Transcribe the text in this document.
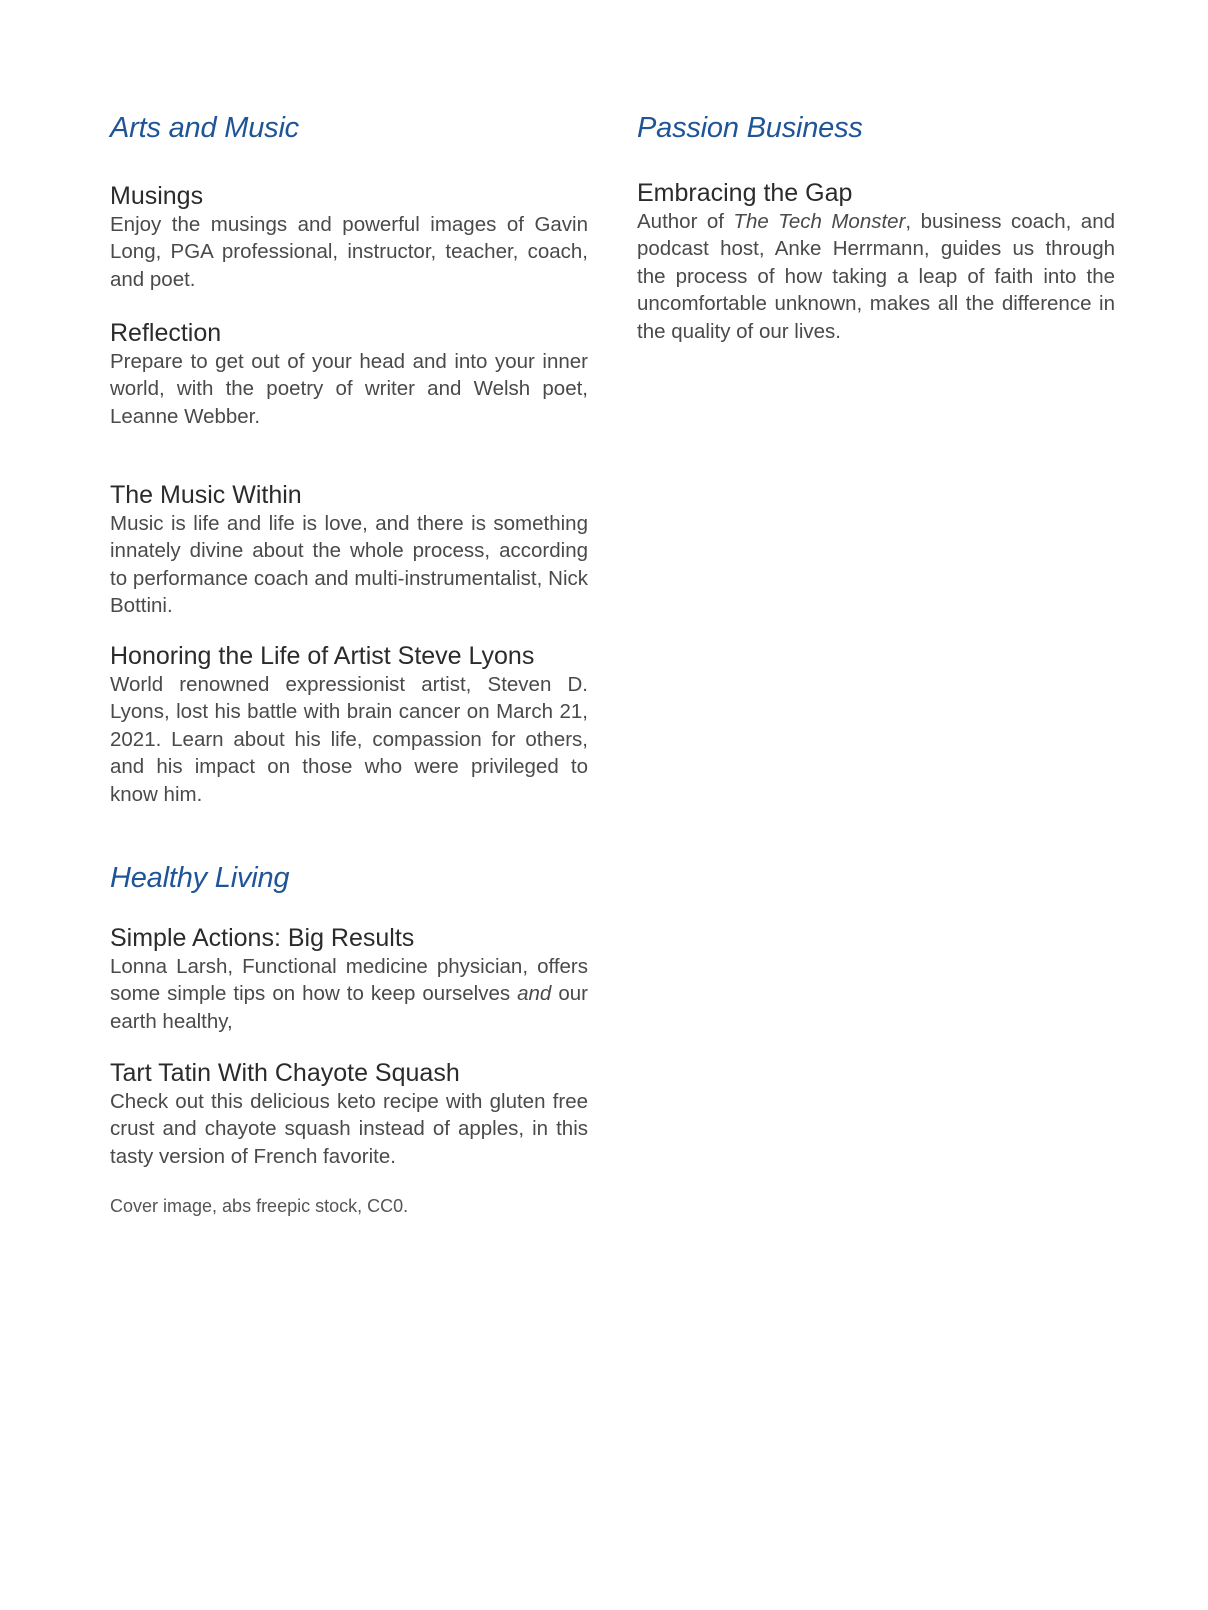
Arts and Music
Musings

Enjoy the musings and powerful images of Gavin Long, PGA professional, instructor, teacher, coach, and poet.

Reflection

Prepare to get out of your head and into your inner world, with the poetry of writer and Welsh poet, Leanne Webber.

The Music Within

Music is life and life is love, and there is something innately divine about the whole process, according to performance coach and multi-instrumentalist, Nick Bottini.

Honoring the Life of Artist Steve Lyons

World renowned expressionist artist, Steven D. Lyons, lost his battle with brain cancer on March 21, 2021. Learn about his life, compassion for others, and his impact on those who were privileged to know him.

Healthy Living
Simple Actions: Big Results

Lonna Larsh, Functional medicine physician, offers some simple tips on how to keep ourselves and our earth healthy,

Tart Tatin With Chayote Squash

Check out this delicious keto recipe with gluten free crust and chayote squash instead of apples, in this tasty version of French favorite.

Cover image, abs freepic stock, CC0.

Passion Business
Embracing the Gap

Author of The Tech Monster, business coach, and podcast host, Anke Herrmann, guides us through the process of how taking a leap of faith into the uncomfortable unknown, makes all the difference in the quality of our lives.
